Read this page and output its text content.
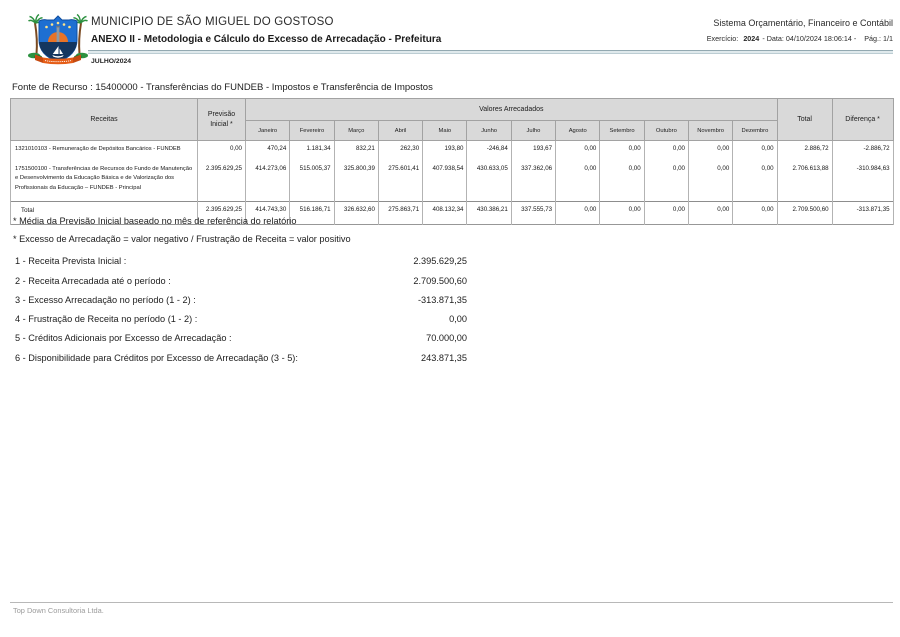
MUNICIPIO DE SÃO MIGUEL DO GOSTOSO
ANEXO II - Metodologia e Cálculo do Excesso de Arrecadação - Prefeitura
JULHO/2024
Sistema Orçamentário, Financeiro e Contábil
Exercício: 2024 - Data: 04/10/2024 18:06:14 - Pág.: 1/1
Fonte de Recurso : 15400000 - Transferências do FUNDEB - Impostos e Transferência de Impostos
Receitas	Previsão
Inicial *	Valores Arrecadados												Total	Diferença *
		Janeiro	Fevereiro	Março	Abril	Maio	Junho	Julho	Agosto	Setembro	Outubro	Novembro	Dezembro		
1321010103 - Remuneração de Depósitos Bancários - FUNDEB	0,00	470,24	1.181,34	832,21	262,30	193,80	-246,84	193,67	0,00	0,00	0,00	0,00	0,00	2.886,72	-2.886,72
1751500100 - Transferências de Recursos do Fundo de Manutenção e Desenvolvimento da Educação Básica e de Valorização dos Profissionais da Educação – FUNDEB - Principal	2.395.629,25	414.273,06	515.005,37	325.800,39	275.601,41	407.938,54	430.633,05	337.362,06	0,00	0,00	0,00	0,00	0,00	2.706.613,88	-310.984,63
Total	2.395.629,25	414.743,30	516.186,71	326.632,60	275.863,71	408.132,34	430.386,21	337.555,73	0,00	0,00	0,00	0,00	0,00	2.709.500,60	-313.871,35
* Média da Previsão Inicial baseado no mês de referência do relatório
* Excesso de Arrecadação = valor negativo / Frustração de Receita = valor positivo
1 - Receita Prevista Inicial :	2.395.629,25
2 - Receita Arrecadada até o período :	2.709.500,60
3 - Excesso Arrecadação no período (1 - 2) :	-313.871,35
4 - Frustração de Receita no período (1 - 2) :	0,00
5 - Créditos Adicionais por Excesso de Arrecadação :	70.000,00
6 - Disponibilidade para Créditos por Excesso de Arrecadação (3 - 5):	243.871,35
Top Down Consultoria Ltda.
